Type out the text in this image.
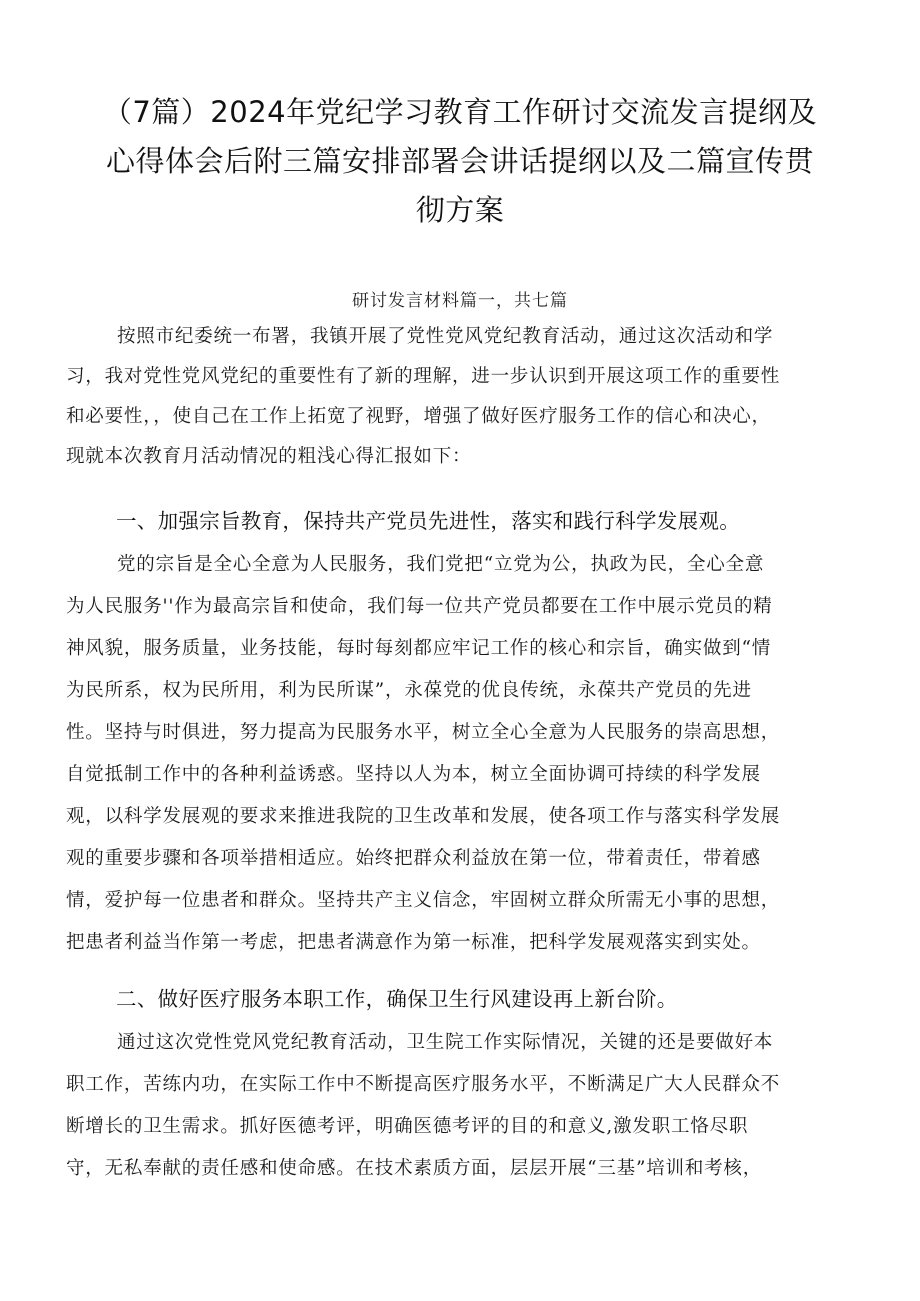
（7篇）2024年党纪学习教育工作研讨交流发言提纲及
心得体会后附三篇安排部署会讲话提纲以及二篇宣传贯
彻方案
研讨发言材料篇一，共七篇
按照市纪委统一布署，我镇开展了党性党风党纪教育活动，通过这次活动和学
习，我对党性党风党纪的重要性有了新的理解，进一步认识到开展这项工作的重要性
和必要性，，使自己在工作上拓宽了视野，增强了做好医疗服务工作的信心和决心，
现就本次教育月活动情况的粗浅心得汇报如下：
一、加强宗旨教育，保持共产党员先进性，落实和践行科学发展观。
党的宗旨是全心全意为人民服务，我们党把“立党为公，执政为民，全心全意
为人民服务''作为最高宗旨和使命，我们每一位共产党员都要在工作中展示党员的精
神风貌，服务质量，业务技能，每时每刻都应牢记工作的核心和宗旨，确实做到“情
为民所系，权为民所用，利为民所谋”，永葆党的优良传统，永葆共产党员的先进
性。坚持与时俱进，努力提高为民服务水平，树立全心全意为人民服务的崇高思想，
自觉抵制工作中的各种利益诱惑。坚持以人为本，树立全面协调可持续的科学发展
观，以科学发展观的要求来推进我院的卫生改革和发展，使各项工作与落实科学发展
观的重要步骤和各项举措相适应。始终把群众利益放在第一位，带着责任，带着感
情，爱护每一位患者和群众。坚持共产主义信念，牢固树立群众所需无小事的思想，
把患者利益当作第一考虑，把患者满意作为第一标准，把科学发展观落实到实处。
二、做好医疗服务本职工作，确保卫生行风建设再上新台阶。
通过这次党性党风党纪教育活动，卫生院工作实际情况，关键的还是要做好本
职工作，苦练内功，在实际工作中不断提高医疗服务水平，不断满足广大人民群众不
断增长的卫生需求。抓好医德考评，明确医德考评的目的和意义,激发职工恪尽职
守，无私奉献的责任感和使命感。在技术素质方面，层层开展“三基”培训和考核，
